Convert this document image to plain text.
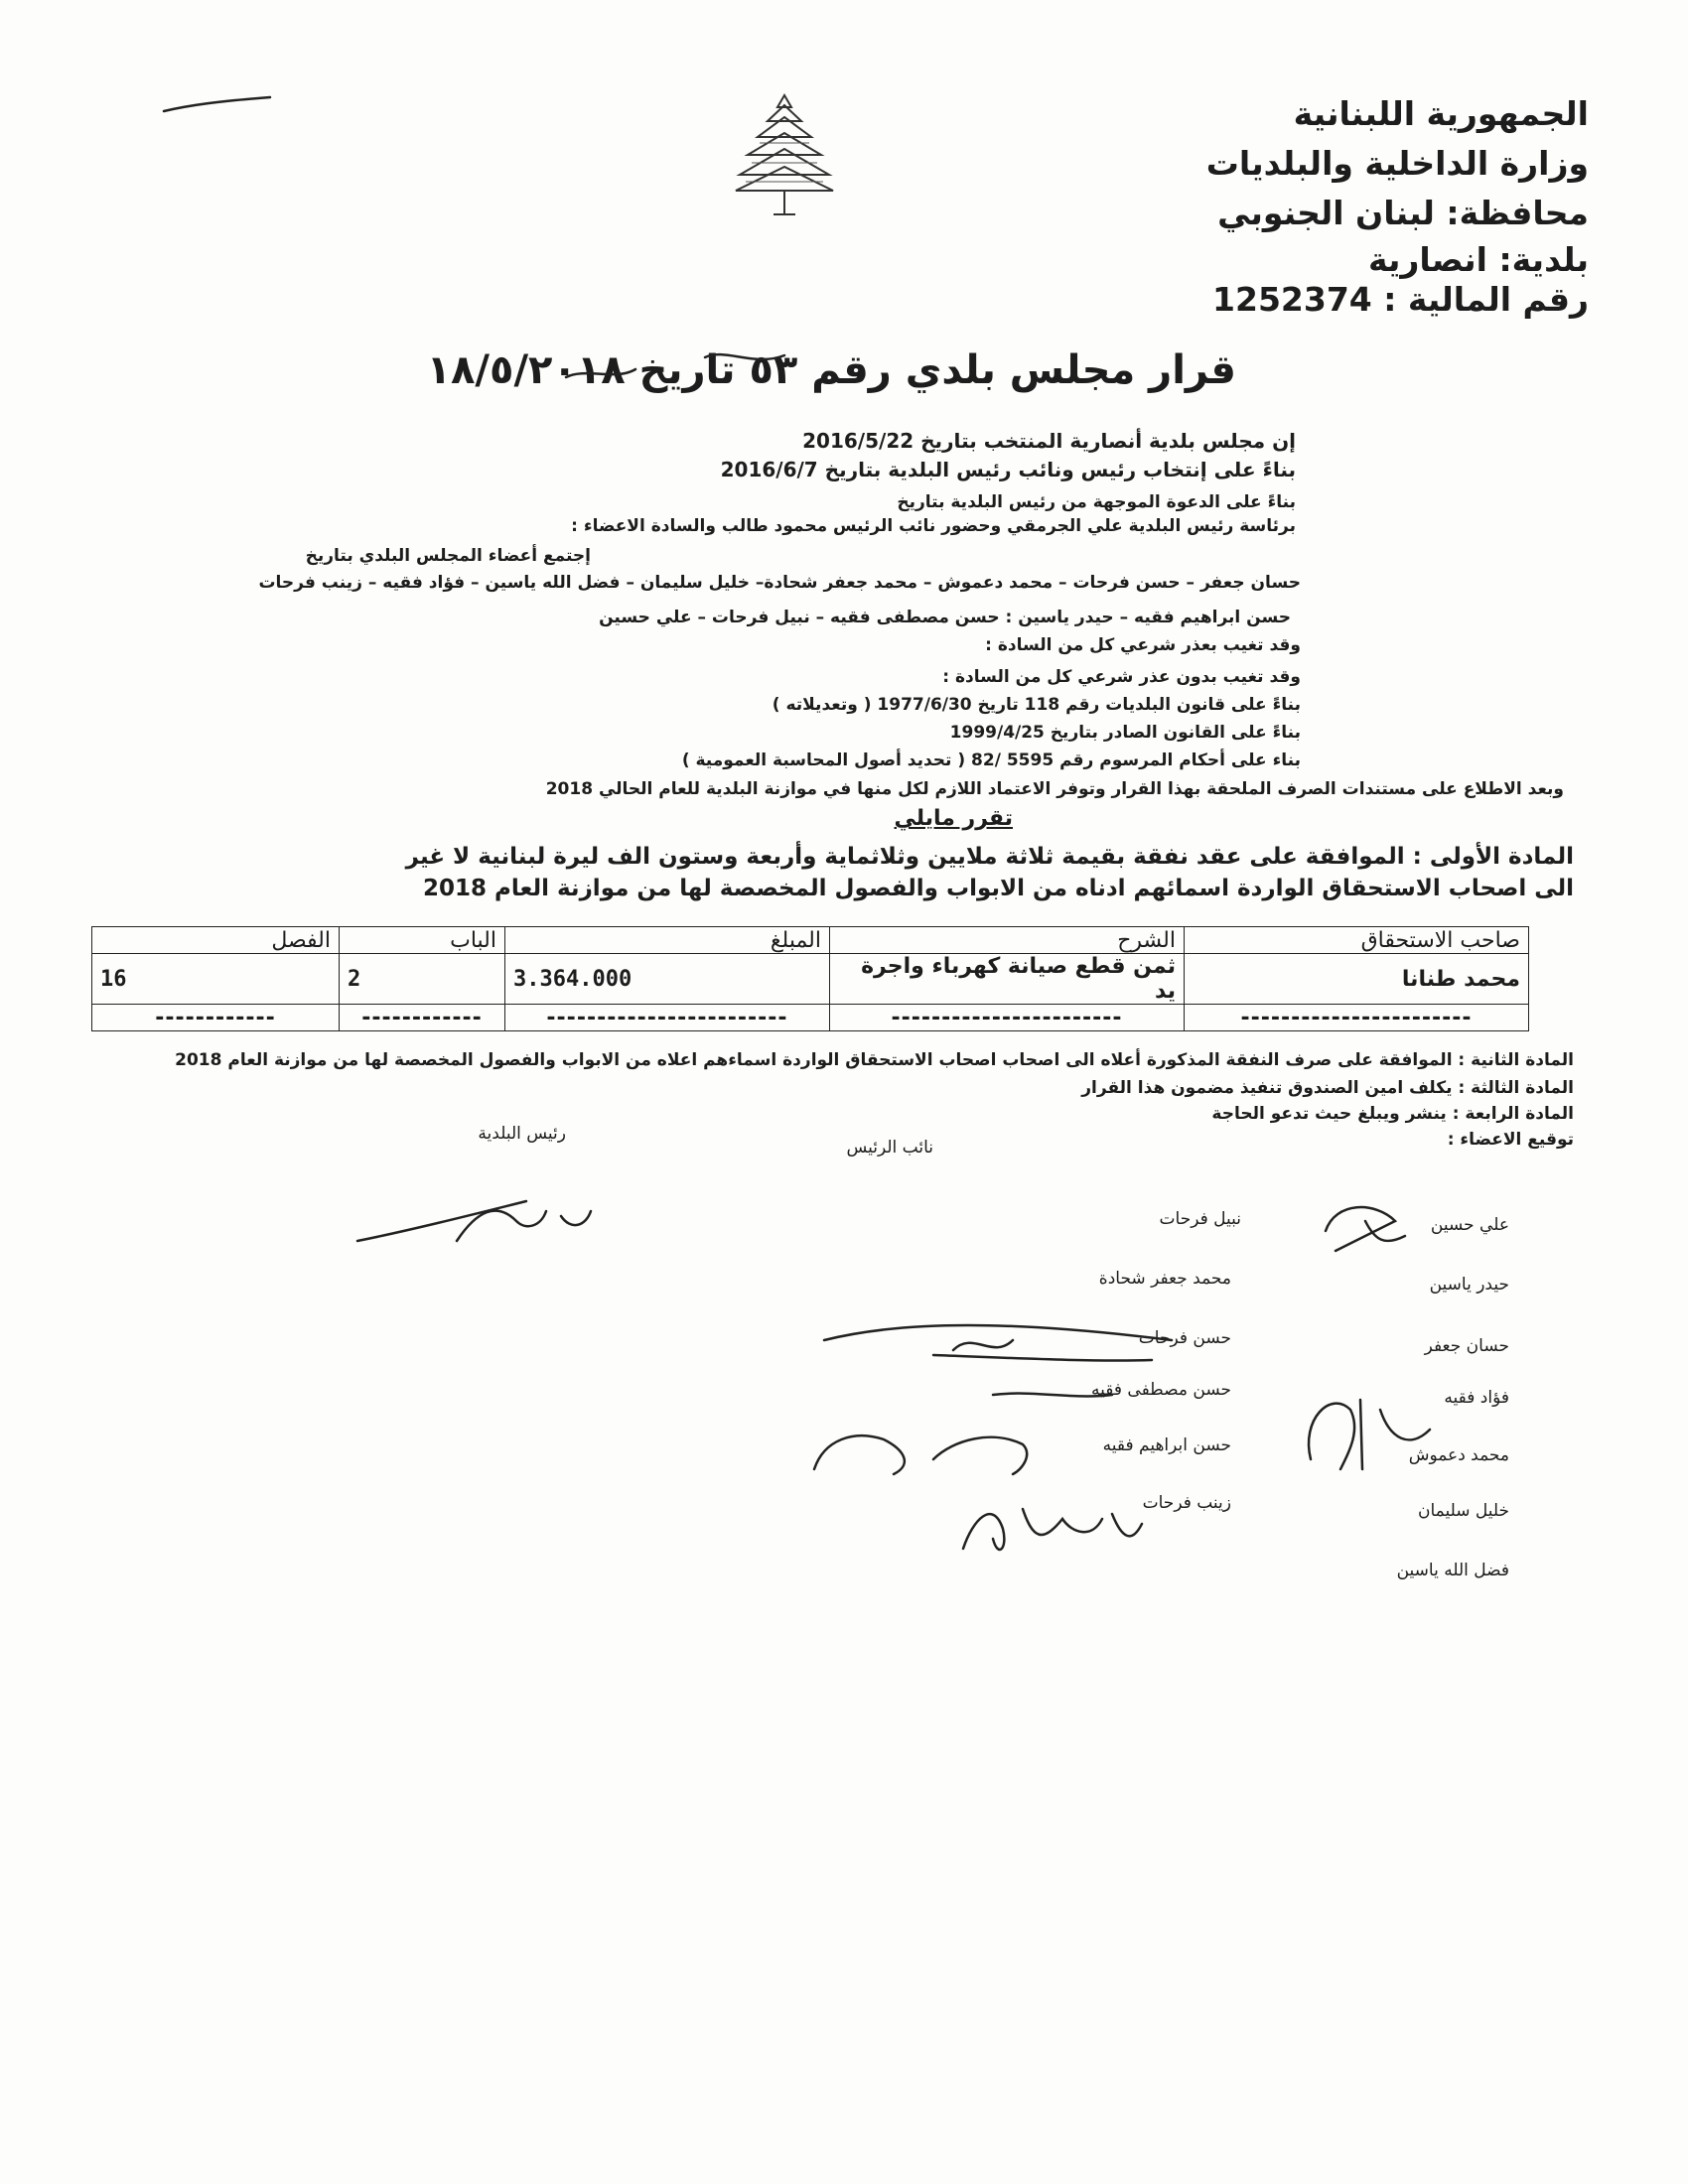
الجمهورية اللبنانية
وزارة الداخلية والبلديات
محافظة: لبنان الجنوبي
بلدية: انصارية
رقم المالية : 1252374
قرار مجلس بلدي رقم ٥٣ تاريخ ١٨/٥/٢٠١٨
إن مجلس بلدية أنصارية المنتخب بتاريخ 2016/5/22
بناءً على إنتخاب رئيس ونائب رئيس البلدية بتاريخ 2016/6/7
بناءً على الدعوة الموجهة من رئيس البلدية بتاريخ
برئاسة رئيس البلدية علي الجرمقي وحضور نائب الرئيس محمود طالب والسادة الاعضاء :
إجتمع أعضاء المجلس البلدي بتاريخ
حسان جعفر – حسن فرحات – محمد دعموش – محمد جعفر شحادة– خليل سليمان – فضل الله ياسين – فؤاد فقيه – زينب فرحات
حسن ابراهيم فقيه – حيدر ياسين : حسن مصطفى فقيه – نبيل فرحات – علي حسين
وقد تغيب بعذر شرعي كل من السادة :
وقد تغيب بدون عذر شرعي كل من السادة :
بناءً على قانون البلديات رقم 118 تاريخ 1977/6/30 ( وتعديلاته )
بناءً على القانون الصادر بتاريخ 1999/4/25
بناء على أحكام المرسوم رقم 5595 /82 ( تحديد أصول المحاسبة العمومية )
وبعد الاطلاع على مستندات الصرف الملحقة بهذا القرار وتوفر الاعتماد اللازم لكل منها في موازنة البلدية للعام الحالي 2018
تقرر مايلي
المادة الأولى : الموافقة على عقد نفقة بقيمة ثلاثة ملايين وثلاثماية وأربعة وستون الف ليرة لبنانية لا غير
الى اصحاب الاستحقاق الواردة اسمائهم ادناه من الابواب والفصول المخصصة لها من موازنة العام 2018
صاحب الاستحقاق	الشرح	المبلغ	الباب	الفصل
محمد طنانا	ثمن قطع صيانة كهرباء واجرة يد	3.364.000	2	16
-----------------------	-----------------------	------------------------	------------	------------
المادة الثانية : الموافقة على صرف النفقة المذكورة أعلاه الى اصحاب اصحاب الاستحقاق الواردة اسماءهم اعلاه من الابواب والفصول المخصصة لها من موازنة العام 2018
المادة الثالثة : يكلف امين الصندوق تنفيذ مضمون هذا القرار
المادة الرابعة : ينشر ويبلغ حيث تدعو الحاجة
توقيع الاعضاء :
رئيس البلدية
نائب الرئيس
نبيل فرحات
محمد جعفر شحادة
حسن فرحات
حسن مصطفى فقيه
حسن ابراهيم فقيه
زينب فرحات
علي حسين
حيدر ياسين
حسان جعفر
فؤاد فقيه
محمد دعموش
خليل سليمان
فضل الله ياسين
